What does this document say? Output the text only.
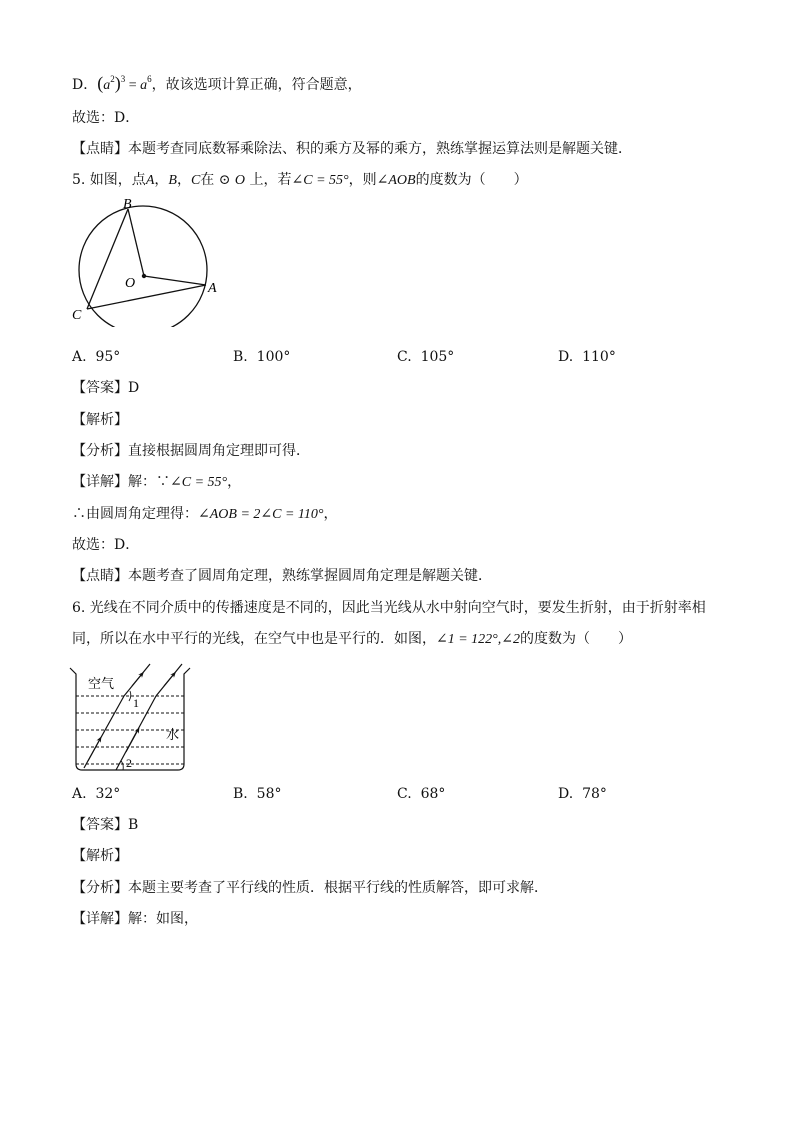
D．$(a^2)^3 = a^6$，故该选项计算正确，符合题意，
故选：D．
【点睛】本题考查同底数幂乘除法、积的乘方及幂的乘方，熟练掌握运算法则是解题关键．
5. 如图，点A，B，C在 ⊙ O 上，若∠C = 55°，则∠AOB的度数为（　　）
B
O	A
C
A. 95°	B. 100°	C. 105°	D. 110°
【答案】D
【解析】
【分析】直接根据圆周角定理即可得．
【详解】解：∵∠C = 55°，
∴由圆周角定理得：∠AOB = 2∠C = 110°，
故选：D．
【点睛】本题考查了圆周角定理，熟练掌握圆周角定理是解题关键．
6. 光线在不同介质中的传播速度是不同的，因此当光线从水中射向空气时，要发生折射，由于折射率相
同，所以在水中平行的光线，在空气中也是平行的．如图，∠1 = 122°,∠2的度数为（　　）
空气
水
1
2
A. 32°	B. 58°	C. 68°	D. 78°
【答案】B
【解析】
【分析】本题主要考查了平行线的性质．根据平行线的性质解答，即可求解．
【详解】解：如图，
